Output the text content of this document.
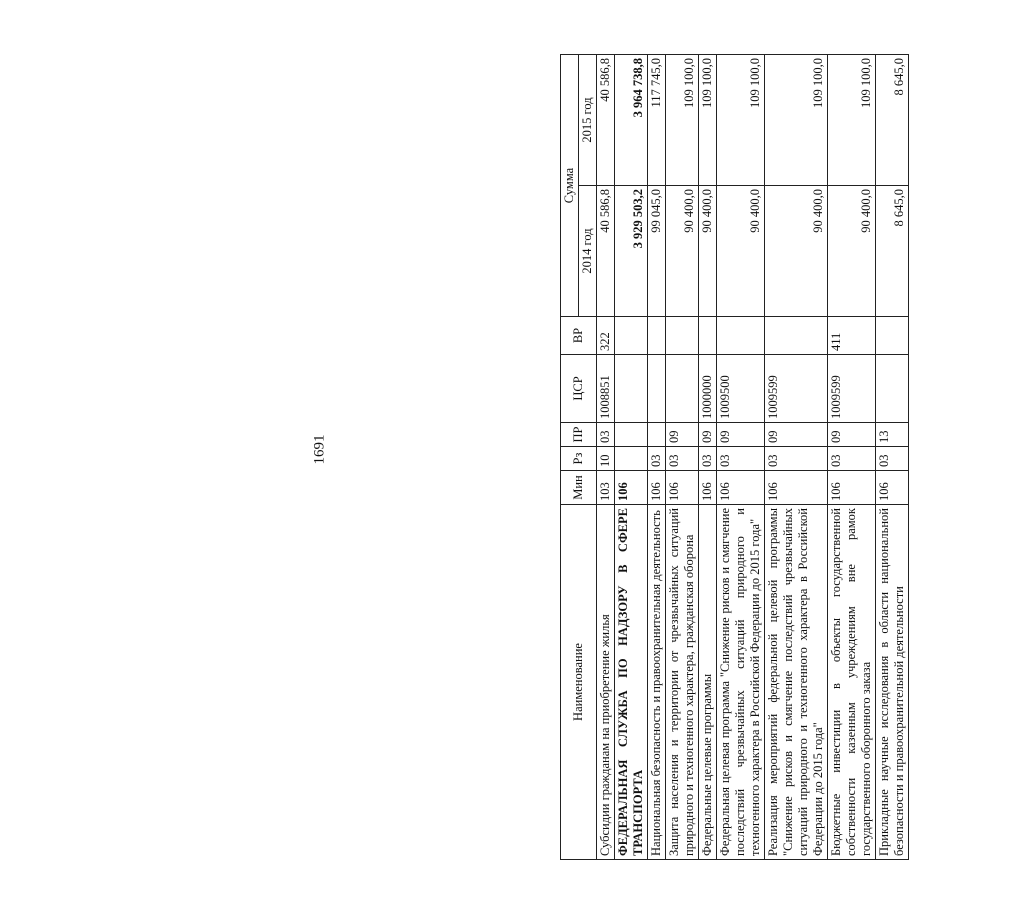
1691
Наименование	Мин	Рз	ПР	ЦСР	ВР	Сумма	
						2014 год	2015 год
Субсидии гражданам на приобретение жилья	103	10	03	1008851	322	40 586,8	40 586,8
ФЕДЕРАЛЬНАЯ СЛУЖБА ПО НАДЗОРУ В СФЕРЕ ТРАНСПОРТА	106					3 929 503,2	3 964 738,8
Национальная безопасность и правоохранительная деятельность	106	03				99 045,0	117 745,0
Защита населения и территории от чрезвычайных ситуаций природного и техногенного характера, гражданская оборона	106	03	09			90 400,0	109 100,0
Федеральные целевые программы	106	03	09	1000000		90 400,0	109 100,0
Федеральная целевая программа "Снижение рисков и смягчение последствий чрезвычайных ситуаций природного и техногенного характера в Российской Федерации до 2015 года"	106	03	09	1009500		90 400,0	109 100,0
Реализация мероприятий федеральной целевой программы "Снижение рисков и смягчение последствий чрезвычайных ситуаций природного и техногенного характера в Российской Федерации до 2015 года"	106	03	09	1009599		90 400,0	109 100,0
Бюджетные инвестиции в объекты государственной собственности казенным учреждениям вне рамок государственного оборонного заказа	106	03	09	1009599	411	90 400,0	109 100,0
Прикладные научные исследования в области национальной безопасности и правоохранительной деятельности	106	03	13			8 645,0	8 645,0
